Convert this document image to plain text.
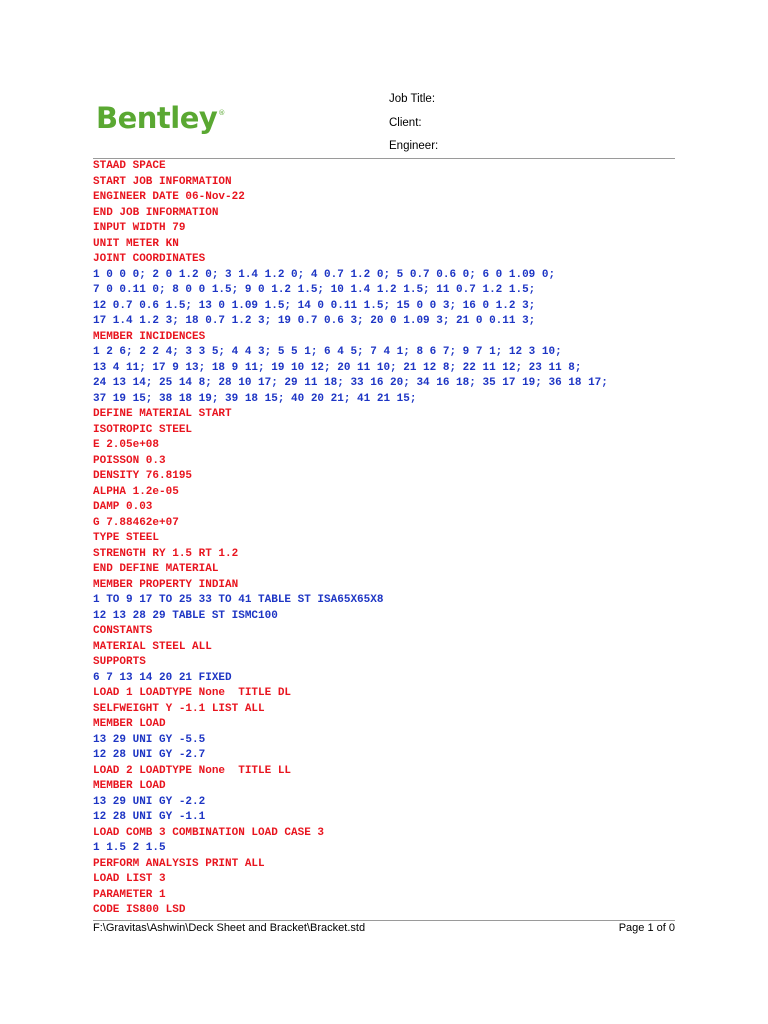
Bentley®
Job Title:
Client:
Engineer:
STAAD SPACE
START JOB INFORMATION
ENGINEER DATE 06-Nov-22
END JOB INFORMATION
INPUT WIDTH 79
UNIT METER KN
JOINT COORDINATES
1 0 0 0; 2 0 1.2 0; 3 1.4 1.2 0; 4 0.7 1.2 0; 5 0.7 0.6 0; 6 0 1.09 0;
7 0 0.11 0; 8 0 0 1.5; 9 0 1.2 1.5; 10 1.4 1.2 1.5; 11 0.7 1.2 1.5;
12 0.7 0.6 1.5; 13 0 1.09 1.5; 14 0 0.11 1.5; 15 0 0 3; 16 0 1.2 3;
17 1.4 1.2 3; 18 0.7 1.2 3; 19 0.7 0.6 3; 20 0 1.09 3; 21 0 0.11 3;
MEMBER INCIDENCES
1 2 6; 2 2 4; 3 3 5; 4 4 3; 5 5 1; 6 4 5; 7 4 1; 8 6 7; 9 7 1; 12 3 10;
13 4 11; 17 9 13; 18 9 11; 19 10 12; 20 11 10; 21 12 8; 22 11 12; 23 11 8;
24 13 14; 25 14 8; 28 10 17; 29 11 18; 33 16 20; 34 16 18; 35 17 19; 36 18 17;
37 19 15; 38 18 19; 39 18 15; 40 20 21; 41 21 15;
DEFINE MATERIAL START
ISOTROPIC STEEL
E 2.05e+08
POISSON 0.3
DENSITY 76.8195
ALPHA 1.2e-05
DAMP 0.03
G 7.88462e+07
TYPE STEEL
STRENGTH RY 1.5 RT 1.2
END DEFINE MATERIAL
MEMBER PROPERTY INDIAN
1 TO 9 17 TO 25 33 TO 41 TABLE ST ISA65X65X8
12 13 28 29 TABLE ST ISMC100
CONSTANTS
MATERIAL STEEL ALL
SUPPORTS
6 7 13 14 20 21 FIXED
LOAD 1 LOADTYPE None  TITLE DL
SELFWEIGHT Y -1.1 LIST ALL
MEMBER LOAD
13 29 UNI GY -5.5
12 28 UNI GY -2.7
LOAD 2 LOADTYPE None  TITLE LL
MEMBER LOAD
13 29 UNI GY -2.2
12 28 UNI GY -1.1
LOAD COMB 3 COMBINATION LOAD CASE 3
1 1.5 2 1.5
PERFORM ANALYSIS PRINT ALL
LOAD LIST 3
PARAMETER 1
CODE IS800 LSD
F:\Gravitas\Ashwin\Deck Sheet and Bracket\Bracket.std	Page 1 of 0
